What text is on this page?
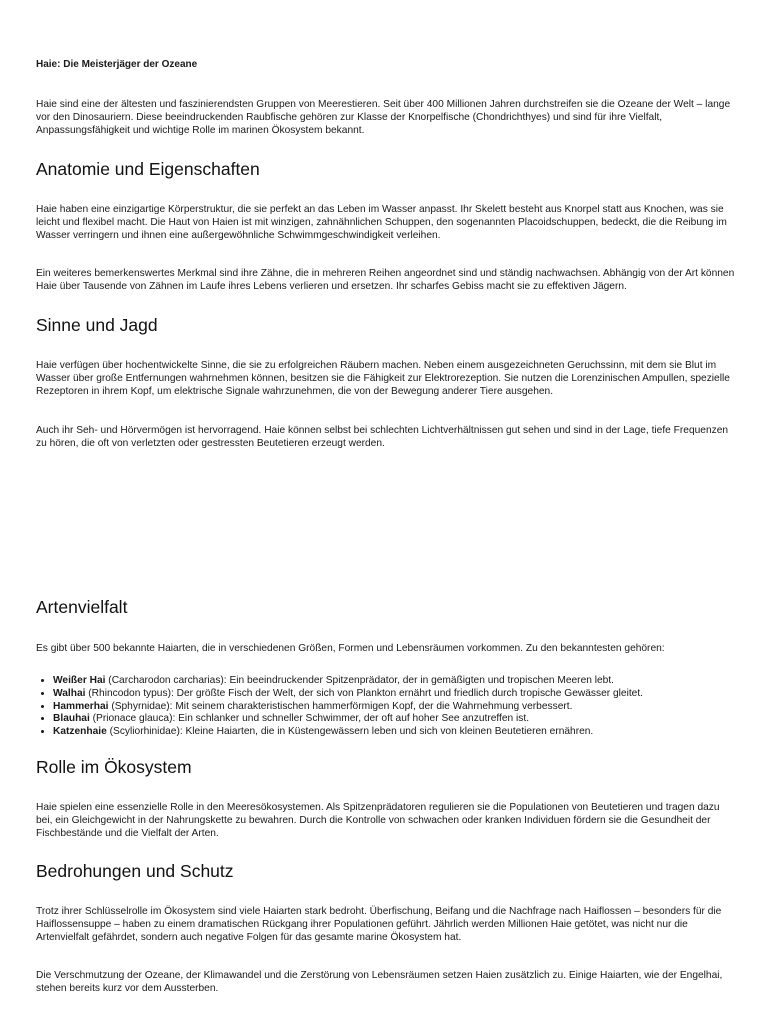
Haie: Die Meisterjäger der Ozeane

Haie sind eine der ältesten und faszinierendsten Gruppen von Meerestieren. Seit über 400 Millionen Jahren durchstreifen sie die Ozeane der Welt – lange vor den Dinosauriern. Diese beeindruckenden Raubfische gehören zur Klasse der Knorpelfische (Chondrichthyes) und sind für ihre Vielfalt, Anpassungsfähigkeit und wichtige Rolle im marinen Ökosystem bekannt.

Anatomie und Eigenschaften

Haie haben eine einzigartige Körperstruktur, die sie perfekt an das Leben im Wasser anpasst. Ihr Skelett besteht aus Knorpel statt aus Knochen, was sie leicht und flexibel macht. Die Haut von Haien ist mit winzigen, zahnähnlichen Schuppen, den sogenannten Placoidschuppen, bedeckt, die die Reibung im Wasser verringern und ihnen eine außergewöhnliche Schwimmgeschwindigkeit verleihen.

Ein weiteres bemerkenswertes Merkmal sind ihre Zähne, die in mehreren Reihen angeordnet sind und ständig nachwachsen. Abhängig von der Art können Haie über Tausende von Zähnen im Laufe ihres Lebens verlieren und ersetzen. Ihr scharfes Gebiss macht sie zu effektiven Jägern.

Sinne und Jagd

Haie verfügen über hochentwickelte Sinne, die sie zu erfolgreichen Räubern machen. Neben einem ausgezeichneten Geruchssinn, mit dem sie Blut im Wasser über große Entfernungen wahrnehmen können, besitzen sie die Fähigkeit zur Elektrorezeption. Sie nutzen die Lorenzinischen Ampullen, spezielle Rezeptoren in ihrem Kopf, um elektrische Signale wahrzunehmen, die von der Bewegung anderer Tiere ausgehen.

Auch ihr Seh- und Hörvermögen ist hervorragend. Haie können selbst bei schlechten Lichtverhältnissen gut sehen und sind in der Lage, tiefe Frequenzen zu hören, die oft von verletzten oder gestressten Beutetieren erzeugt werden.

Artenvielfalt

Es gibt über 500 bekannte Haiarten, die in verschiedenen Größen, Formen und Lebensräumen vorkommen. Zu den bekanntesten gehören:

• Weißer Hai (Carcharodon carcharias): Ein beeindruckender Spitzenprädator, der in gemäßigten und tropischen Meeren lebt.
• Walhai (Rhincodon typus): Der größte Fisch der Welt, der sich von Plankton ernährt und friedlich durch tropische Gewässer gleitet.
• Hammerhai (Sphyrnidae): Mit seinem charakteristischen hammerförmigen Kopf, der die Wahrnehmung verbessert.
• Blauhai (Prionace glauca): Ein schlanker und schneller Schwimmer, der oft auf hoher See anzutreffen ist.
• Katzenhaie (Scyliorhinidae): Kleine Haiarten, die in Küstengewässern leben und sich von kleinen Beutetieren ernähren.
Rolle im Ökosystem

Haie spielen eine essenzielle Rolle in den Meeresökosystemen. Als Spitzenprädatoren regulieren sie die Populationen von Beutetieren und tragen dazu bei, ein Gleichgewicht in der Nahrungskette zu bewahren. Durch die Kontrolle von schwachen oder kranken Individuen fördern sie die Gesundheit der Fischbestände und die Vielfalt der Arten.

Bedrohungen und Schutz

Trotz ihrer Schlüsselrolle im Ökosystem sind viele Haiarten stark bedroht. Überfischung, Beifang und die Nachfrage nach Haiflossen – besonders für die Haiflossensuppe – haben zu einem dramatischen Rückgang ihrer Populationen geführt. Jährlich werden Millionen Haie getötet, was nicht nur die Artenvielfalt gefährdet, sondern auch negative Folgen für das gesamte marine Ökosystem hat.

Die Verschmutzung der Ozeane, der Klimawandel und die Zerstörung von Lebensräumen setzen Haien zusätzlich zu. Einige Haiarten, wie der Engelhai, stehen bereits kurz vor dem Aussterben.
